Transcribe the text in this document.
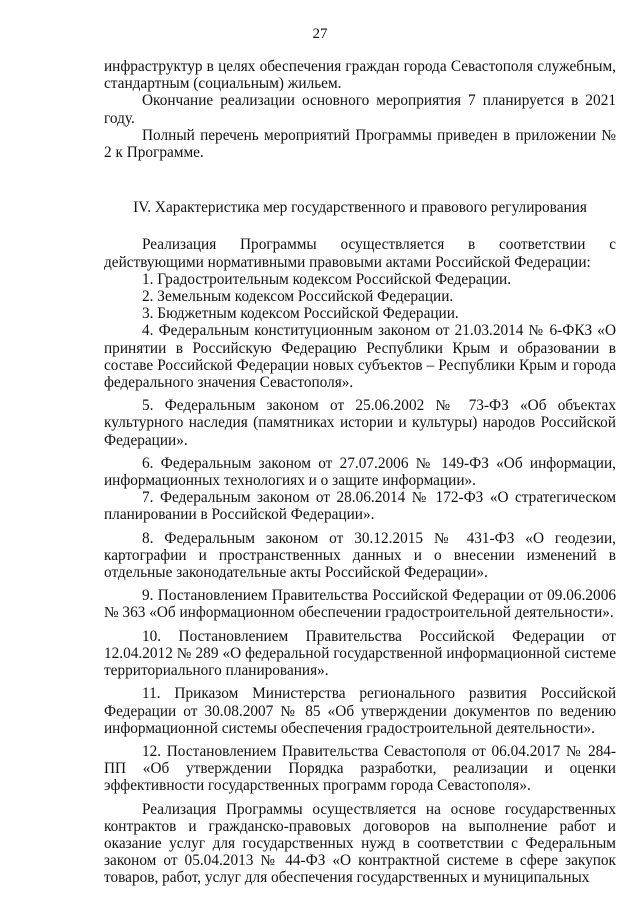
27

инфраструктур в целях обеспечения граждан города Севастополя служебным, стандартным (социальным) жильем.

Окончание реализации основного мероприятия 7 планируется в 2021 году.

Полный перечень мероприятий Программы приведен в приложении № 2 к Программе.

IV. Характеристика мер государственного и правового регулирования

Реализация Программы осуществляется в соответствии с действующими нормативными правовыми актами Российской Федерации:

1. Градостроительным кодексом Российской Федерации.

2. Земельным кодексом Российской Федерации.

3. Бюджетным кодексом Российской Федерации.

4. Федеральным конституционным законом от 21.03.2014 № 6-ФКЗ «О принятии в Российскую Федерацию Республики Крым и образовании в составе Российской Федерации новых субъектов – Республики Крым и города федерального значения Севастополя».

5. Федеральным законом от 25.06.2002 № 73-ФЗ «Об объектах культурного наследия (памятниках истории и культуры) народов Российской Федерации».

6. Федеральным законом от 27.07.2006 № 149-ФЗ «Об информации, информационных технологиях и о защите информации».

7. Федеральным законом от 28.06.2014 № 172-ФЗ «О стратегическом планировании в Российской Федерации».

8. Федеральным законом от 30.12.2015 № 431-ФЗ «О геодезии, картографии и пространственных данных и о внесении изменений в отдельные законодательные акты Российской Федерации».

9. Постановлением Правительства Российской Федерации от 09.06.2006 № 363 «Об информационном обеспечении градостроительной деятельности».

10. Постановлением Правительства Российской Федерации от 12.04.2012 № 289 «О федеральной государственной информационной системе территориального планирования».

11. Приказом Министерства регионального развития Российской Федерации от 30.08.2007 № 85 «Об утверждении документов по ведению информационной системы обеспечения градостроительной деятельности».

12. Постановлением Правительства Севастополя от 06.04.2017 № 284-ПП «Об утверждении Порядка разработки, реализации и оценки эффективности государственных программ города Севастополя».

Реализация Программы осуществляется на основе государственных контрактов и гражданско-правовых договоров на выполнение работ и оказание услуг для государственных нужд в соответствии с Федеральным законом от 05.04.2013 № 44-ФЗ «О контрактной системе в сфере закупок товаров, работ, услуг для обеспечения государственных и муниципальных
